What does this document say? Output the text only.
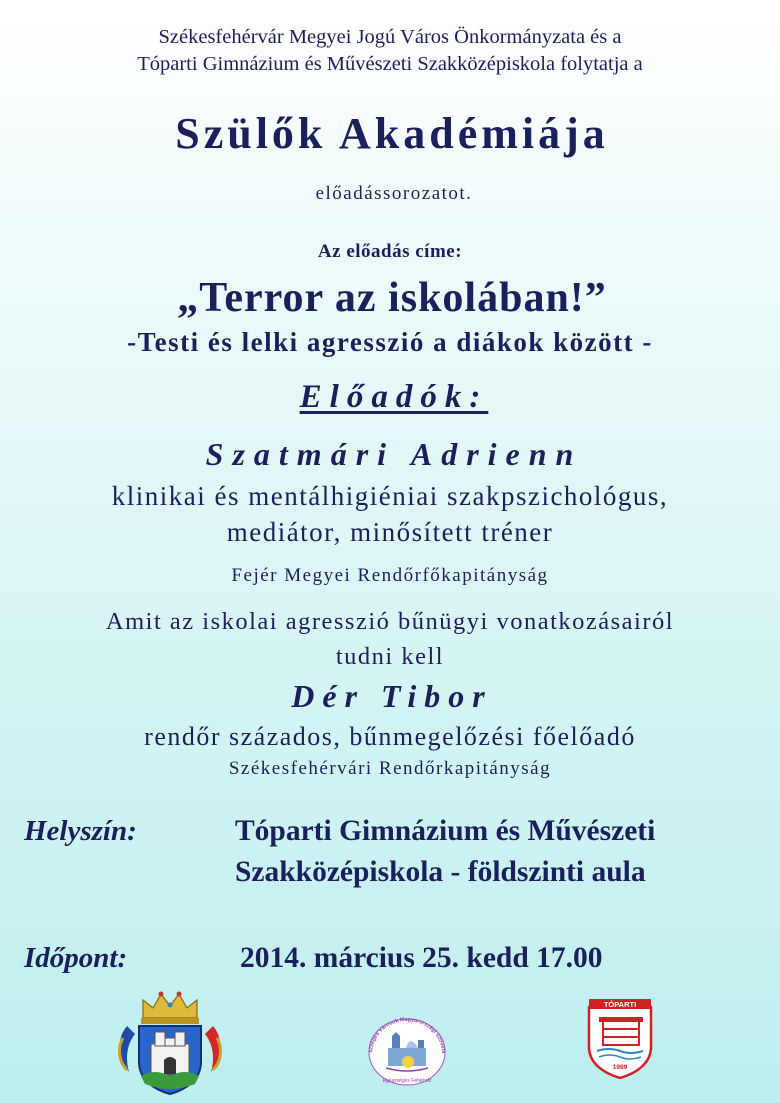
Székesfehérvár Megyei Jogú Város Önkormányzata és a
Tóparti Gimnázium és Művészeti Szakközépiskola folytatja a
Szülők Akadémiája
előadássorozatot.
Az előadás címe:
„Terror az iskolában!”
-Testi és lelki agresszió a diákok között -
Előadók:
Szatmári Adrienn
klinikai és mentálhigiéniai szakpszichológus,
mediátor, minősített tréner
Fejér Megyei Rendőrfőkapitányság
Amit az iskolai agresszió bűnügyi vonatkozásairól
tudni kell
Dér Tibor
rendőr százados, bűnmegelőzési főelőadó
Székesfehérvári Rendőrkapitányság
Helyszín:	Tóparti Gimnázium és Művészeti
Szakközépiskola - földszinti aula
Időpont:	2014. március 25. kedd 17.00
szséges Városok Magyarországi Szövets
Egészséges Fehérvár
TÓPARTI
1989
